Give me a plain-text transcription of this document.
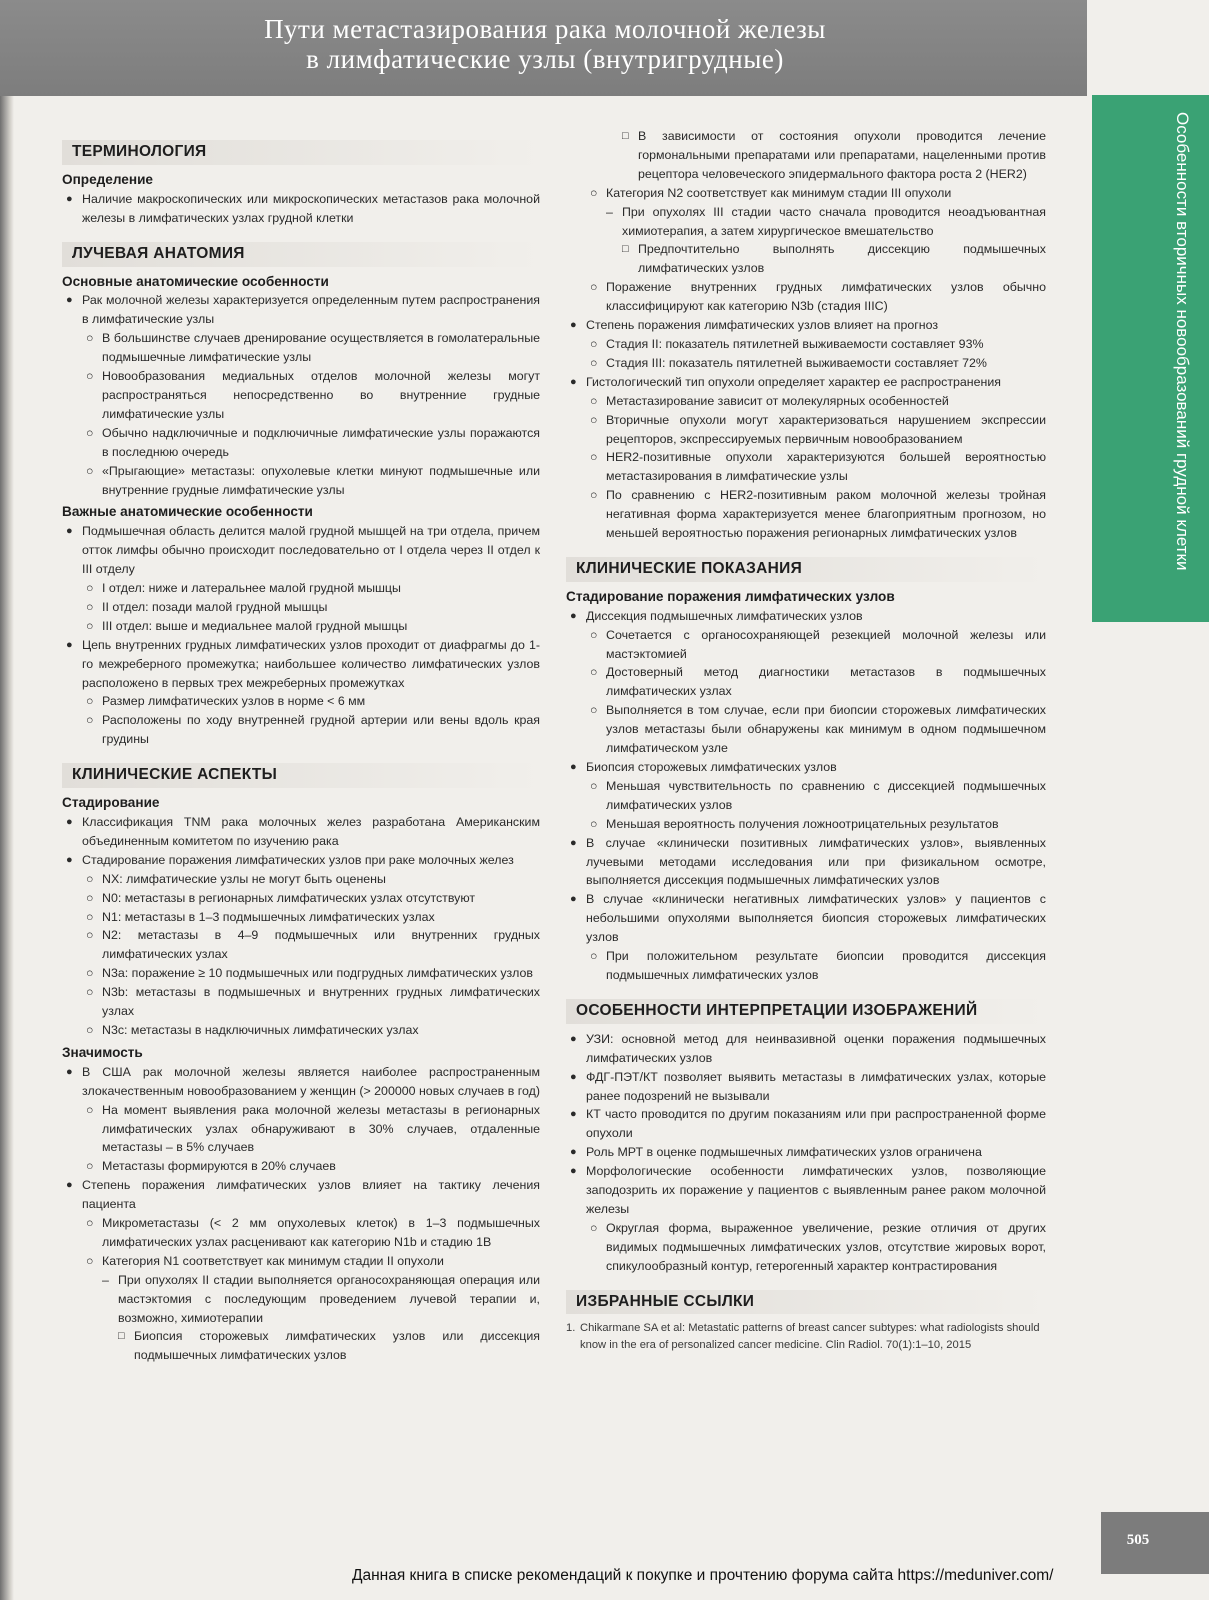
Пути метастазирования рака молочной железы
в лимфатические узлы (внутригрудные)
Особенности вторичных новообразований грудной клетки
ТЕРМИНОЛОГИЯ
Определение
● Наличие макроскопических или микроскопических метастазов рака молочной железы в лимфатических узлах грудной клетки
ЛУЧЕВАЯ АНАТОМИЯ
Основные анатомические особенности
● Рак молочной железы характеризуется определенным путем распространения в лимфатические узлы
○ В большинстве случаев дренирование осуществляется в гомолатеральные подмышечные лимфатические узлы
○ Новообразования медиальных отделов молочной железы могут распространяться непосредственно во внутренние грудные лимфатические узлы
○ Обычно надключичные и подключичные лимфатические узлы поражаются в последнюю очередь
○ «Прыгающие» метастазы: опухолевые клетки минуют подмышечные или внутренние грудные лимфатические узлы
Важные анатомические особенности
● Подмышечная область делится малой грудной мышцей на три отдела, причем отток лимфы обычно происходит последовательно от I отдела через II отдел к III отделу
○ I отдел: ниже и латеральнее малой грудной мышцы
○ II отдел: позади малой грудной мышцы
○ III отдел: выше и медиальнее малой грудной мышцы
● Цепь внутренних грудных лимфатических узлов проходит от диафрагмы до 1-го межреберного промежутка; наибольшее количество лимфатических узлов расположено в первых трех межреберных промежутках
○ Размер лимфатических узлов в норме < 6 мм
○ Расположены по ходу внутренней грудной артерии или вены вдоль края грудины
КЛИНИЧЕСКИЕ АСПЕКТЫ
Стадирование
● Классификация TNM рака молочных желез разработана Американским объединенным комитетом по изучению рака
● Стадирование поражения лимфатических узлов при раке молочных желез
○ NX: лимфатические узлы не могут быть оценены
○ N0: метастазы в регионарных лимфатических узлах отсутствуют
○ N1: метастазы в 1–3 подмышечных лимфатических узлах
○ N2: метастазы в 4–9 подмышечных или внутренних грудных лимфатических узлах
○ N3a: поражение ≥ 10 подмышечных или подгрудных лимфатических узлов
○ N3b: метастазы в подмышечных и внутренних грудных лимфатических узлах
○ N3c: метастазы в надключичных лимфатических узлах
Значимость
● В США рак молочной железы является наиболее распространенным злокачественным новообразованием у женщин (> 200000 новых случаев в год)
○ На момент выявления рака молочной железы метастазы в регионарных лимфатических узлах обнаруживают в 30% случаев, отдаленные метастазы – в 5% случаев
○ Метастазы формируются в 20% случаев
● Степень поражения лимфатических узлов влияет на тактику лечения пациента
○ Микрометастазы (< 2 мм опухолевых клеток) в 1–3 подмышечных лимфатических узлах расценивают как категорию N1b и стадию 1B
○ Категория N1 соответствует как минимум стадии II опухоли
– При опухолях II стадии выполняется органосохраняющая операция или мастэктомия с последующим проведением лучевой терапии и, возможно, химиотерапии
□ Биопсия сторожевых лимфатических узлов или диссекция подмышечных лимфатических узлов
□ В зависимости от состояния опухоли проводится лечение гормональными препаратами или препаратами, нацеленными против рецептора человеческого эпидермального фактора роста 2 (HER2)
○ Категория N2 соответствует как минимум стадии III опухоли
– При опухолях III стадии часто сначала проводится неоадъювантная химиотерапия, а затем хирургическое вмешательство
□ Предпочтительно выполнять диссекцию подмышечных лимфатических узлов
○ Поражение внутренних грудных лимфатических узлов обычно классифицируют как категорию N3b (стадия IIIC)
● Степень поражения лимфатических узлов влияет на прогноз
○ Стадия II: показатель пятилетней выживаемости составляет 93%
○ Стадия III: показатель пятилетней выживаемости составляет 72%
● Гистологический тип опухоли определяет характер ее распространения
○ Метастазирование зависит от молекулярных особенностей
○ Вторичные опухоли могут характеризоваться нарушением экспрессии рецепторов, экспрессируемых первичным новообразованием
○ HER2-позитивные опухоли характеризуются большей вероятностью метастазирования в лимфатические узлы
○ По сравнению с HER2-позитивным раком молочной железы тройная негативная форма характеризуется менее благоприятным прогнозом, но меньшей вероятностью поражения регионарных лимфатических узлов
КЛИНИЧЕСКИЕ ПОКАЗАНИЯ
Стадирование поражения лимфатических узлов
● Диссекция подмышечных лимфатических узлов
○ Сочетается с органосохраняющей резекцией молочной железы или мастэктомией
○ Достоверный метод диагностики метастазов в подмышечных лимфатических узлах
○ Выполняется в том случае, если при биопсии сторожевых лимфатических узлов метастазы были обнаружены как минимум в одном подмышечном лимфатическом узле
● Биопсия сторожевых лимфатических узлов
○ Меньшая чувствительность по сравнению с диссекцией подмышечных лимфатических узлов
○ Меньшая вероятность получения ложноотрицательных результатов
● В случае «клинически позитивных лимфатических узлов», выявленных лучевыми методами исследования или при физикальном осмотре, выполняется диссекция подмышечных лимфатических узлов
● В случае «клинически негативных лимфатических узлов» у пациентов с небольшими опухолями выполняется биопсия сторожевых лимфатических узлов
○ При положительном результате биопсии проводится диссекция подмышечных лимфатических узлов
ОСОБЕННОСТИ ИНТЕРПРЕТАЦИИ ИЗОБРАЖЕНИЙ
● УЗИ: основной метод для неинвазивной оценки поражения подмышечных лимфатических узлов
● ФДГ-ПЭТ/КТ позволяет выявить метастазы в лимфатических узлах, которые ранее подозрений не вызывали
● КТ часто проводится по другим показаниям или при распространенной форме опухоли
● Роль МРТ в оценке подмышечных лимфатических узлов ограничена
● Морфологические особенности лимфатических узлов, позволяющие заподозрить их поражение у пациентов с выявленным ранее раком молочной железы
○ Округлая форма, выраженное увеличение, резкие отличия от других видимых подмышечных лимфатических узлов, отсутствие жировых ворот, спикулообразный контур, гетерогенный характер контрастирования
ИЗБРАННЫЕ ССЫЛКИ
1. Chikarmane SA et al: Metastatic patterns of breast cancer subtypes: what radiologists should know in the era of personalized cancer medicine. Clin Radiol. 70(1):1–10, 2015
505
Данная книга в списке рекомендаций к покупке и прочтению форума сайта https://meduniver.com/
